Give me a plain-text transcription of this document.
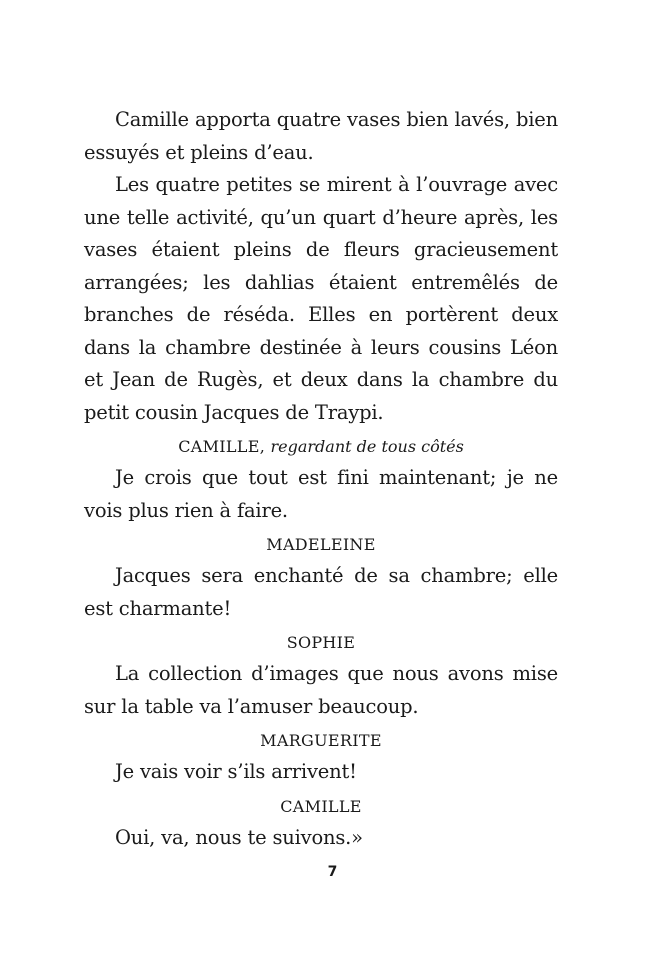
Camille apporta quatre vases bien lavés, bien essuyés et pleins d’eau.

Les quatre petites se mirent à l’ouvrage avec une telle activité, qu’un quart d’heure après, les vases étaient pleins de fleurs gracieusement arrangées; les dahlias étaient entremêlés de branches de réséda. Elles en portèrent deux dans la chambre destinée à leurs cousins Léon et Jean de Rugès, et deux dans la chambre du petit cousin Jacques de Traypi.

CAMILLE, regardant de tous côtés

Je crois que tout est fini maintenant; je ne vois plus rien à faire.

MADELEINE

Jacques sera enchanté de sa chambre; elle est charmante!

SOPHIE

La collection d’images que nous avons mise sur la table va l’amuser beaucoup.

MARGUERITE

Je vais voir s’ils arrivent!

CAMILLE

Oui, va, nous te suivons.»

7
